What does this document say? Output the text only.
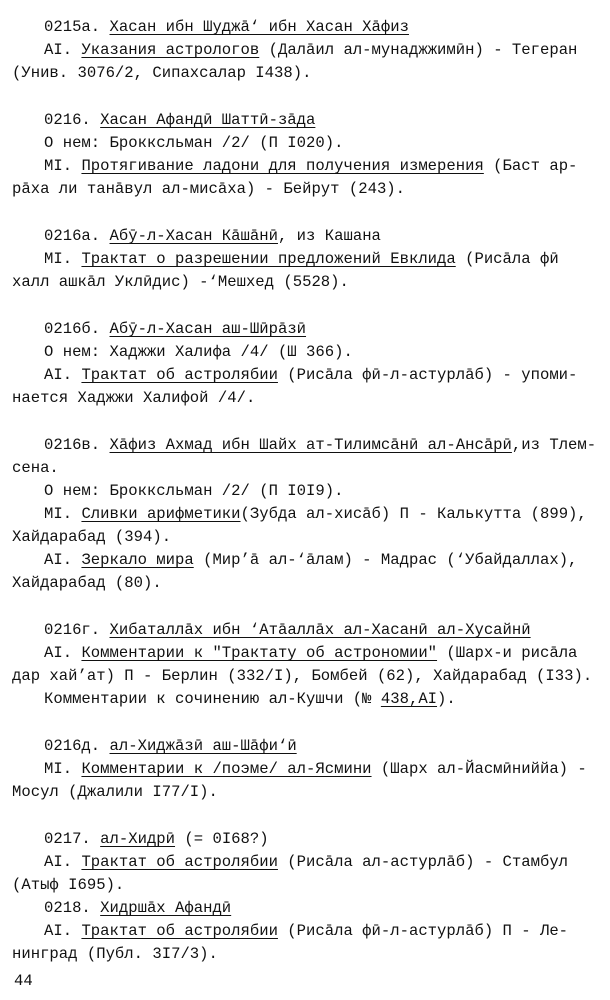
0215а. Хасан ибн Шуджā‘ ибн Хасан Хāфиз
АI. Указания астрологов (Далāил ал-мунаджжимӣн) - Тегеран
(Унив. 3076/2, Сипахсалар I438).
0216. Хасан Афандӣ Шаттӣ-зāда
О нем: Брокксльман /2/ (П I020).
МI. Протягивание ладони для получения измерения (Баст ар-
рāха ли танāвул ал-мисāха) - Бейрут (243).
0216а. Абӯ-л-Хасан Кāшāнӣ, из Кашана
МI. Трактат о разрешении предложений Евклида (Рисāла фӣ
халл ашкāл Уклӣдис) -‘Мешхед (5528).
0216б. Абӯ-л-Хасан аш-Шӣрāзӣ
О нем: Хаджжи Халифа /4/ (Ш 366).
АI. Трактат об астролябии (Рисāла фӣ-л-астурлāб) - упоми-
нается Хаджжи Халифой /4/.
0216в. Хāфиз Ахмад ибн Шайх ат-Тилимсāнӣ ал-Ансāрӣ,из Тлем-
сена.
О нем: Брокксльман /2/ (П I0I9).
МI. Сливки арифметики(Зубда ал-хисāб) П - Калькутта (899),
Хайдарабад (394).
АI. Зеркало мира (Мир’ā ал-‘āлам) - Мадрас (‘Убайдаллах),
Хайдарабад (80).
0216г. Хибаталлāх ибн ‘Атāаллāх ал-Хасанӣ ал-Хусайнӣ
АI. Комментарии к "Трактату об астрономии" (Шарх-и рисāла
дар хай’ат) П - Берлин (332/I), Бомбей (62), Хайдарабад (I33).
Комментарии к сочинению ал-Кушчи (№ 438,АI).
0216д. ал-Хиджāзӣ аш-Шāфи‘ӣ
МI. Комментарии к /поэме/ ал-Ясмини (Шарх ал-Йасмӣниййа) -
Мосул (Джалили I77/I).
0217. ал-Хидрӣ (= 0I68?)
АI. Трактат об астролябии (Рисāла ал-астурлāб) - Стамбул
(Атыф I695).
0218. Хидршāх Афандӣ
АI. Трактат об астролябии (Рисāла фӣ-л-астурлāб) П - Ле-
нинград (Публ. 3I7/3).
44
